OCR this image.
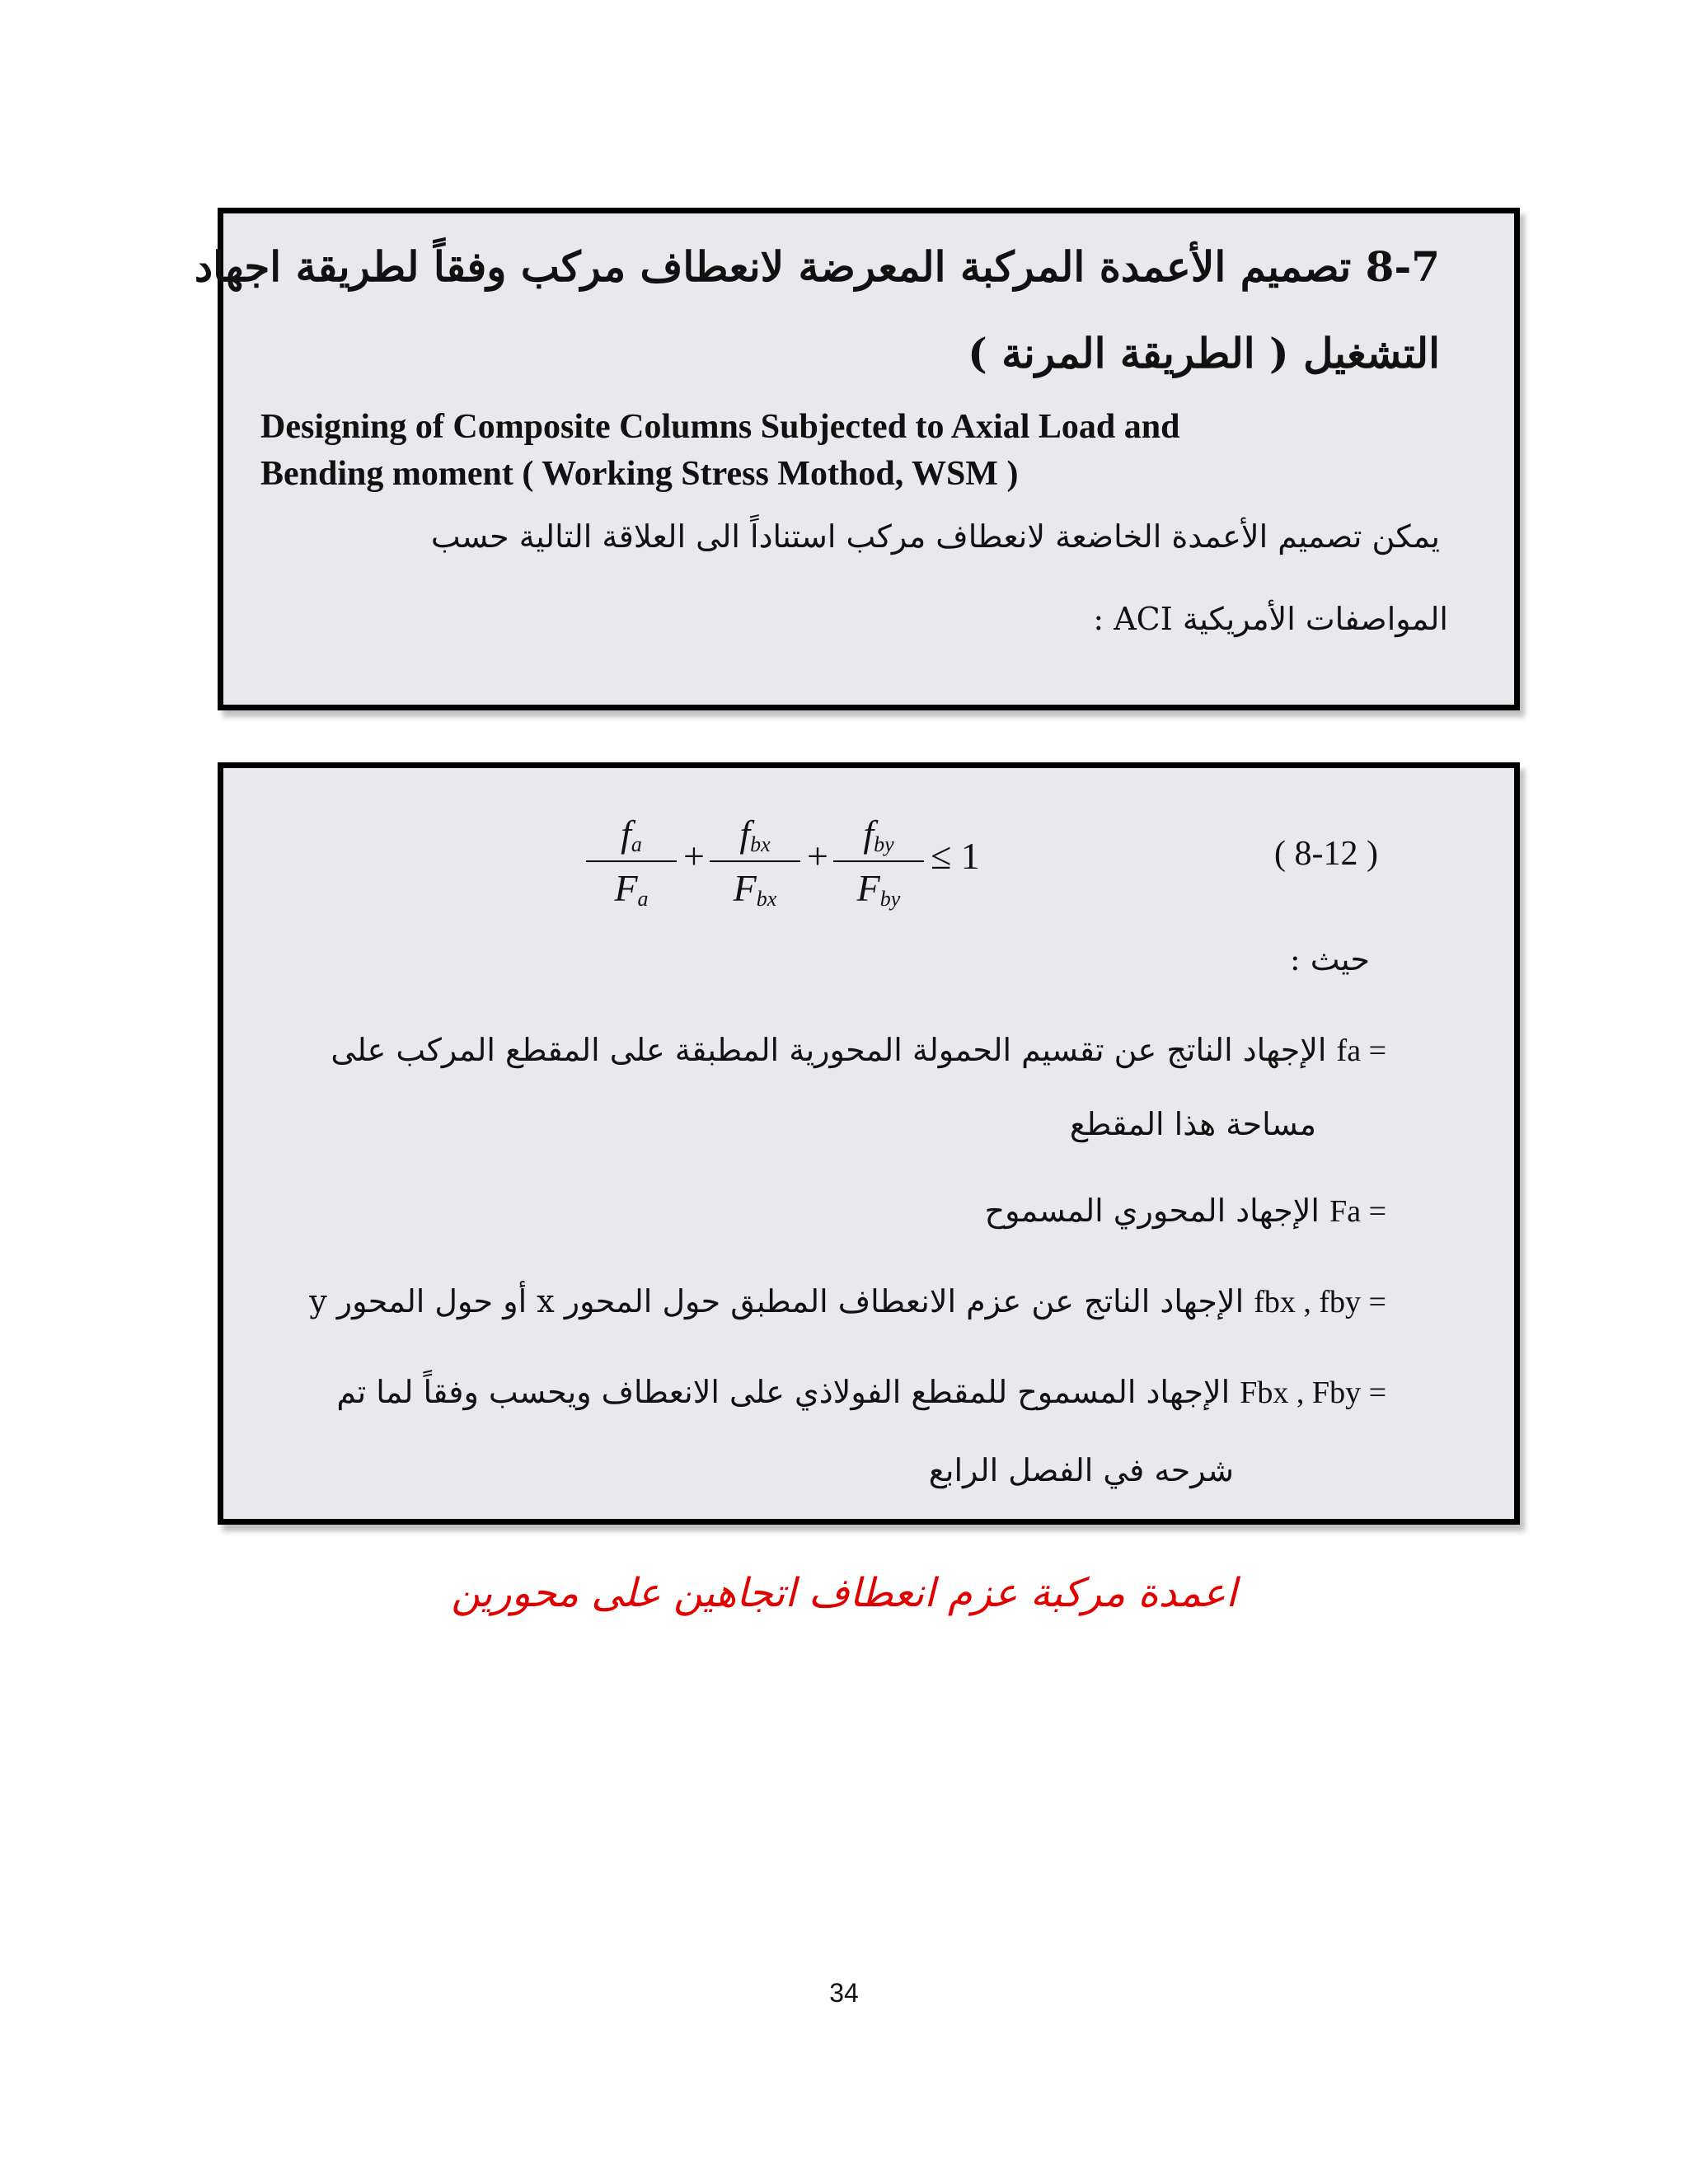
8-7 تصميم الأعمدة المركبة المعرضة لانعطاف مركب وفقاً لطريقة اجهاد
التشغيل ( الطريقة المرنة )
Designing of Composite Columns Subjected to Axial Load and
Bending moment ( Working Stress Mothod, WSM )
يمكن تصميم الأعمدة الخاضعة لانعطاف مركب استناداً الى العلاقة التالية حسب
المواصفات الأمريكية ACI :
$f_a$
$F_a$
+
$f_{bx}$
$F_{bx}$
+
$f_{by}$
$F_{by}$
≤ 1	( 8-12 )
حيث :
fa = الإجهاد الناتج عن تقسيم الحمولة المحورية المطبقة على المقطع المركب على
مساحة هذا المقطع
Fa = الإجهاد المحوري المسموح
fbx , fby = الإجهاد الناتج عن عزم الانعطاف المطبق حول المحور x أو حول المحور y
Fbx , Fby = الإجهاد المسموح للمقطع الفولاذي على الانعطاف ويحسب وفقاً لما تم
شرحه في الفصل الرابع
اعمدة مركبة عزم انعطاف اتجاهين على محورين
34
